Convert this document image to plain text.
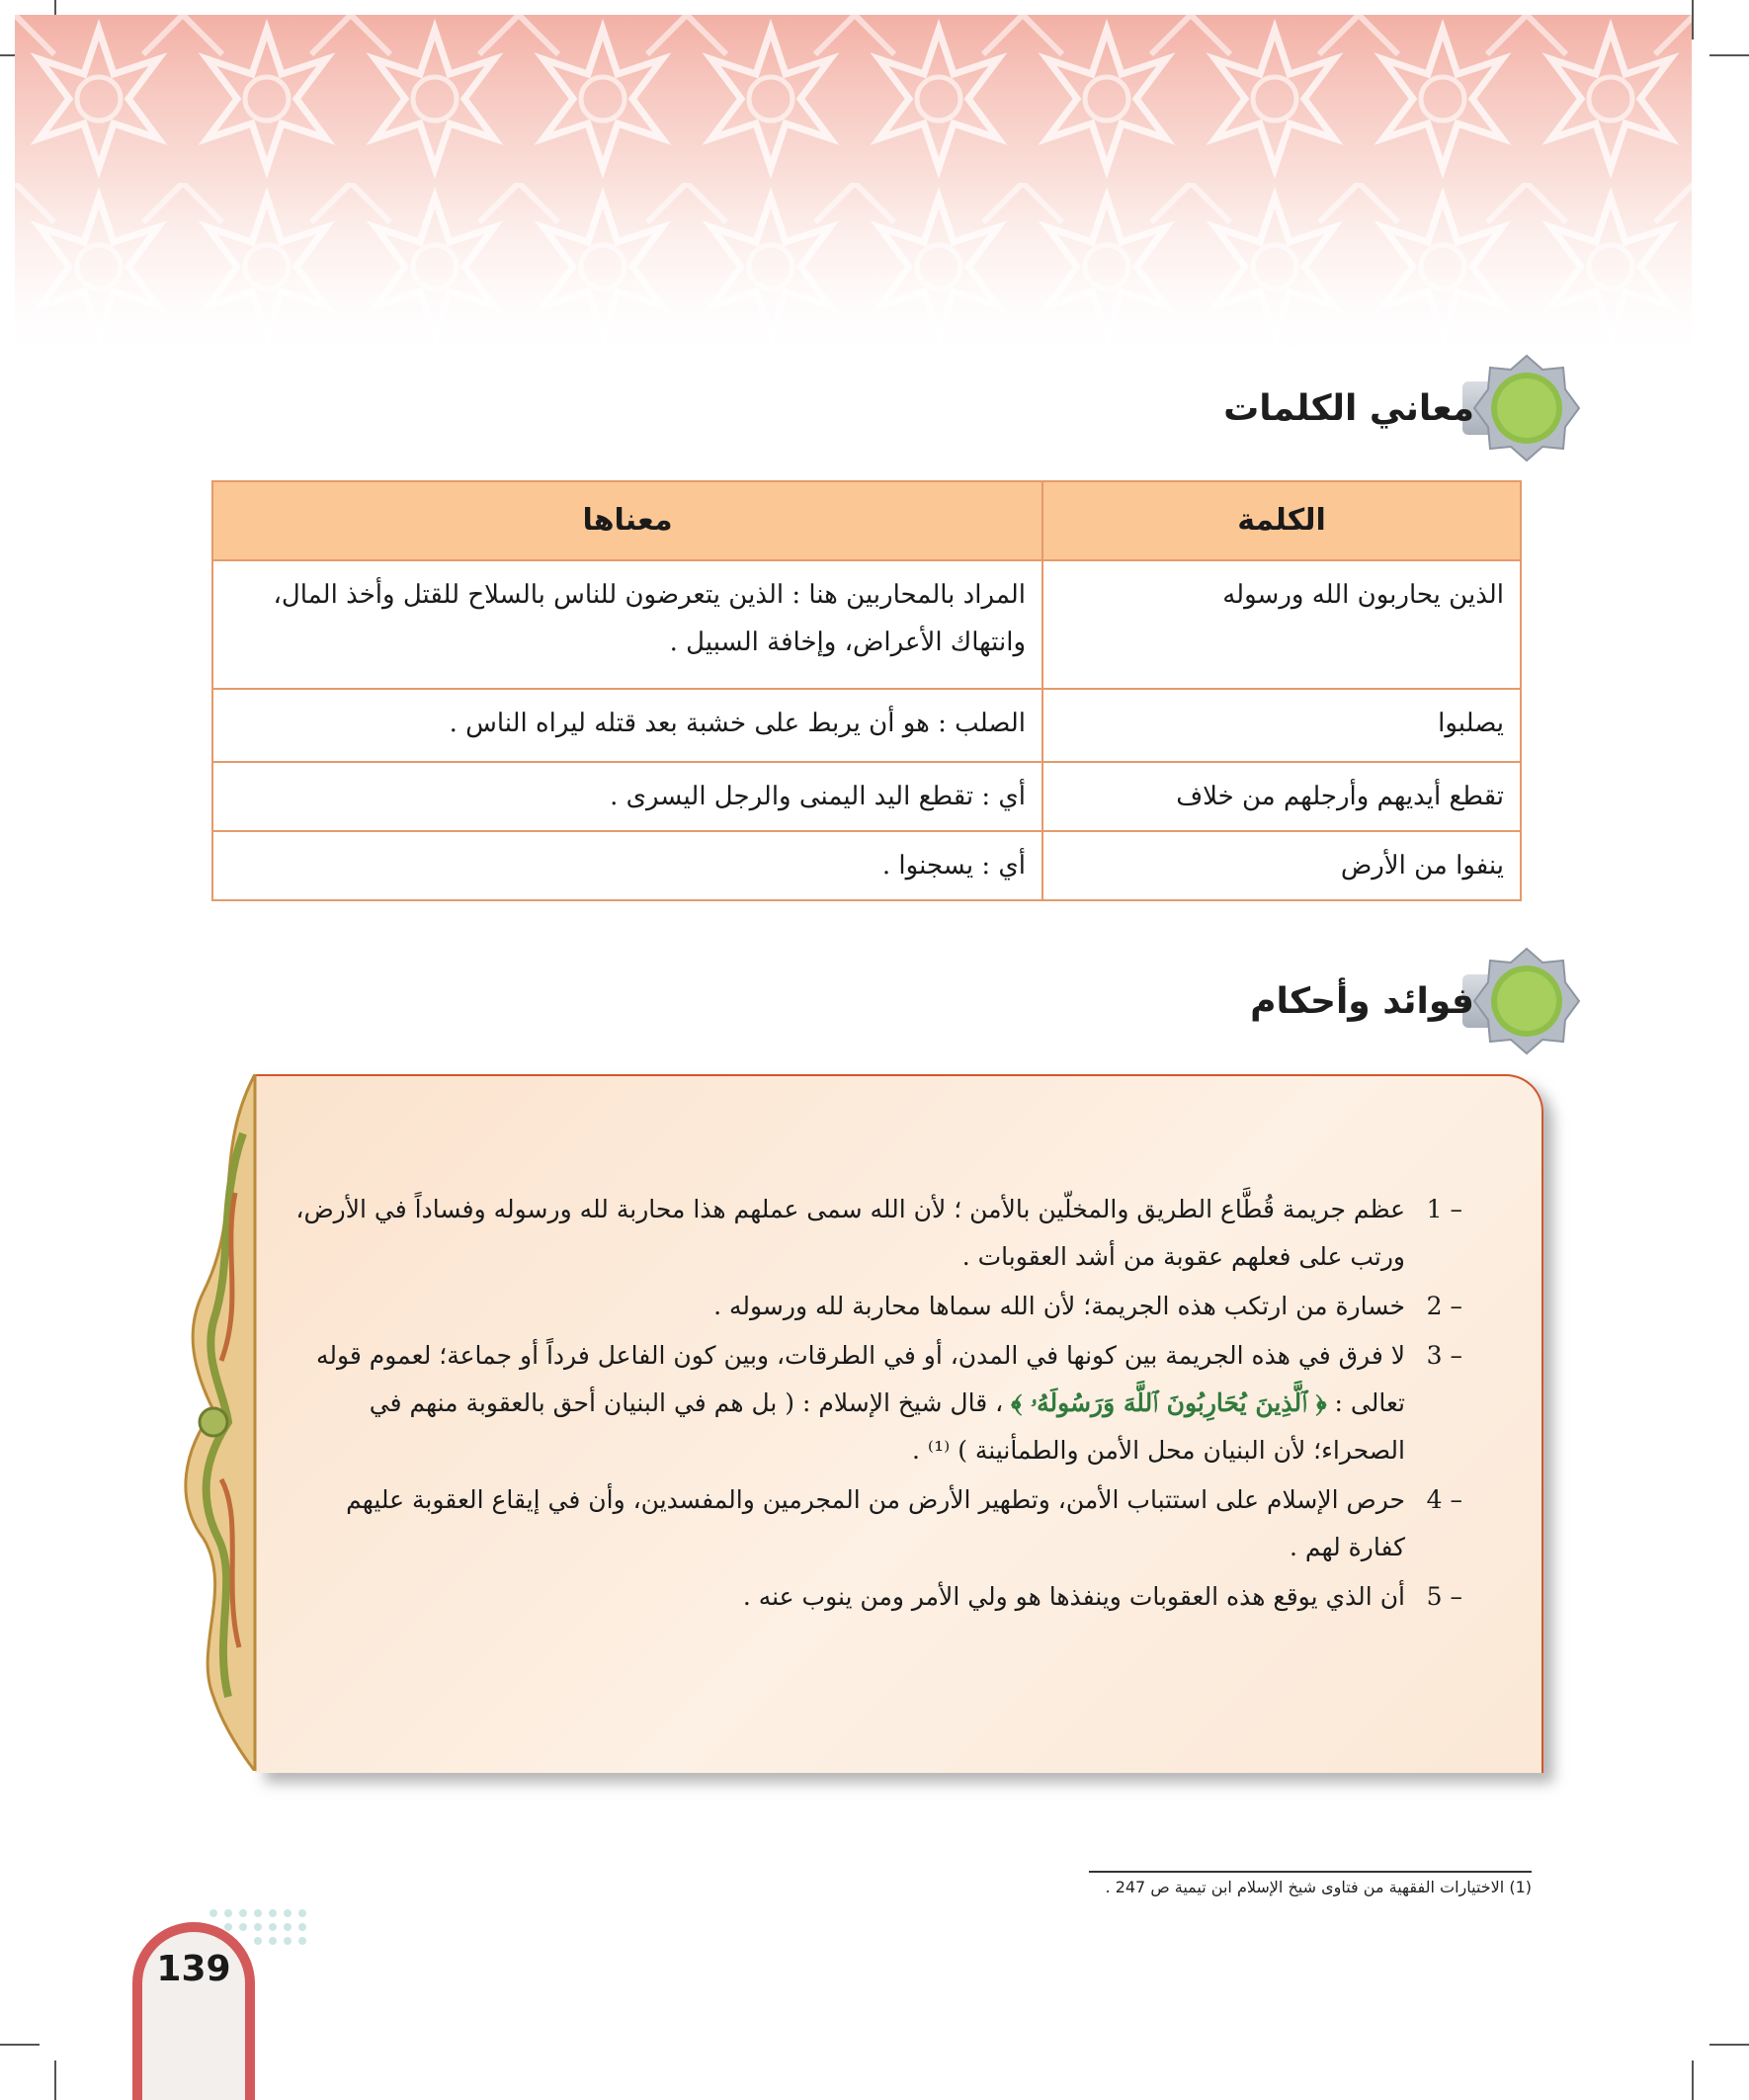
معاني الكلمات
الكلمة	معناها
الذين يحاربون الله ورسوله	المراد بالمحاربين هنا : الذين يتعرضون للناس بالسلاح للقتل وأخذ المال، وانتهاك الأعراض، وإخافة السبيل .
يصلبوا	الصلب : هو أن يربط على خشبة بعد قتله ليراه الناس .
تقطع أيديهم وأرجلهم من خلاف	أي : تقطع اليد اليمنى والرجل اليسرى .
ينفوا من الأرض	أي : يسجنوا .
فوائد وأحكام
1 –
عظم جريمة قُطَّاع الطريق والمخلّين بالأمن ؛ لأن الله سمى عملهم هذا محاربة لله ورسوله وفساداً في الأرض، ورتب على فعلهم عقوبة من أشد العقوبات .
2 –
خسارة من ارتكب هذه الجريمة؛ لأن الله سماها محاربة لله ورسوله .
3 –
لا فرق في هذه الجريمة بين كونها في المدن، أو في الطرقات، وبين كون الفاعل فرداً أو جماعة؛ لعموم قوله تعالى : ﴿ ٱلَّذِينَ يُحَارِبُونَ ٱللَّهَ وَرَسُولَهُۥ ﴾ ، قال شيخ الإسلام : ( بل هم في البنيان أحق بالعقوبة منهم في الصحراء؛ لأن البنيان محل الأمن والطمأنينة ) ⁽¹⁾ .
4 –
حرص الإسلام على استتباب الأمن، وتطهير الأرض من المجرمين والمفسدين، وأن في إيقاع العقوبة عليهم كفارة لهم .
5 –
أن الذي يوقع هذه العقوبات وينفذها هو ولي الأمر ومن ينوب عنه .
(1) الاختيارات الفقهية من فتاوى شيخ الإسلام ابن تيمية ص 247 .
139
